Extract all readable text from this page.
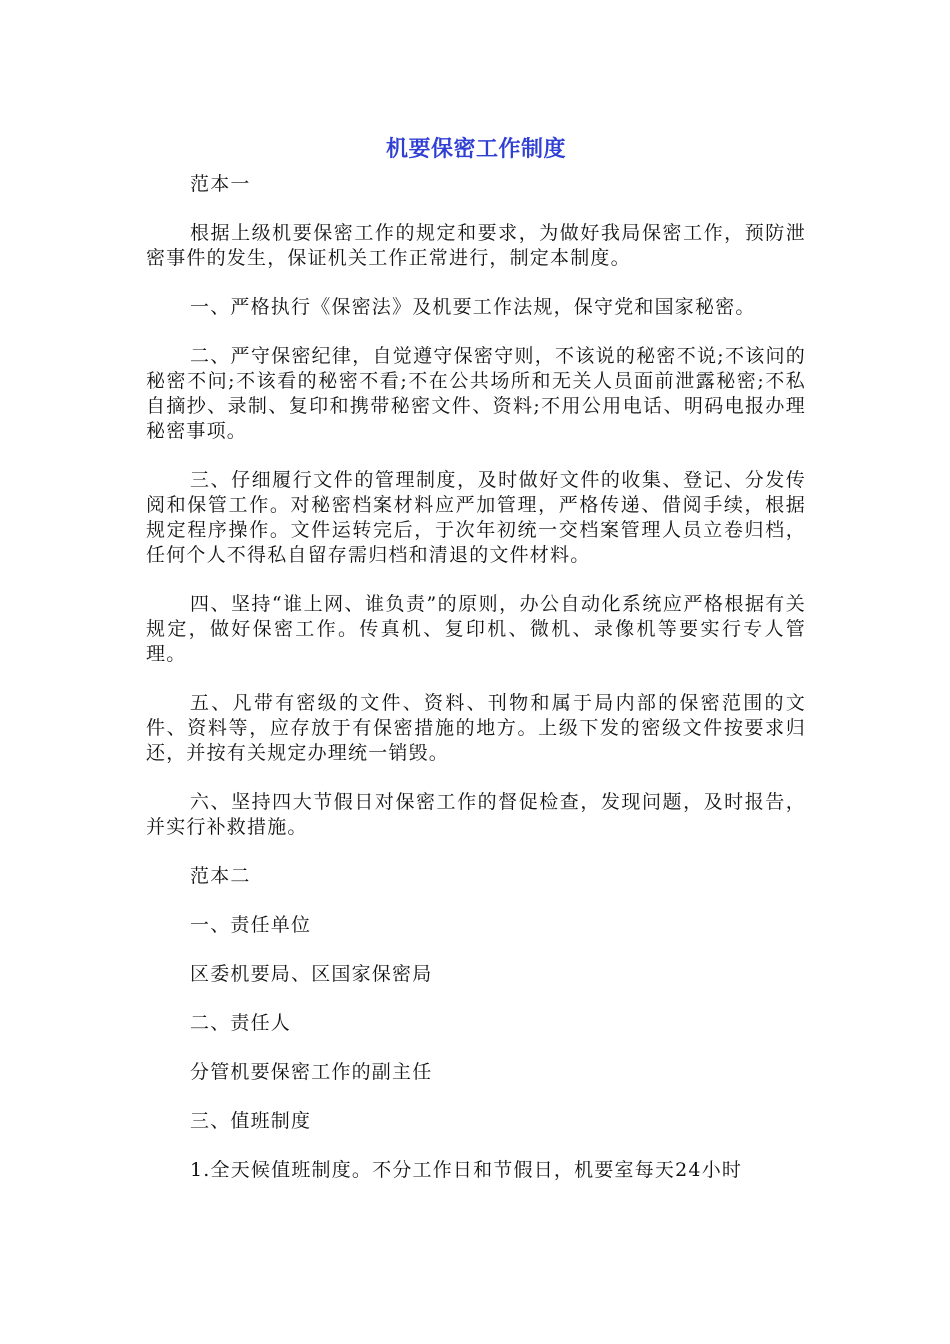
机要保密工作制度

范本一

根据上级机要保密工作的规定和要求，为做好我局保密工作，预防泄密事件的发生，保证机关工作正常进行，制定本制度。

一、严格执行《保密法》及机要工作法规，保守党和国家秘密。

二、严守保密纪律，自觉遵守保密守则，不该说的秘密不说;不该问的秘密不问;不该看的秘密不看;不在公共场所和无关人员面前泄露秘密;不私自摘抄、录制、复印和携带秘密文件、资料;不用公用电话、明码电报办理秘密事项。

三、仔细履行文件的管理制度，及时做好文件的收集、登记、分发传阅和保管工作。对秘密档案材料应严加管理，严格传递、借阅手续，根据规定程序操作。文件运转完后，于次年初统一交档案管理人员立卷归档，任何个人不得私自留存需归档和清退的文件材料。

四、坚持“谁上网、谁负责”的原则，办公自动化系统应严格根据有关规定，做好保密工作。传真机、复印机、微机、录像机等要实行专人管理。

五、凡带有密级的文件、资料、刊物和属于局内部的保密范围的文件、资料等，应存放于有保密措施的地方。上级下发的密级文件按要求归还，并按有关规定办理统一销毁。

六、坚持四大节假日对保密工作的督促检查，发现问题，及时报告，并实行补救措施。

范本二

一、责任单位

区委机要局、区国家保密局

二、责任人

分管机要保密工作的副主任

三、值班制度

1.全天候值班制度。不分工作日和节假日，机要室每天24小时
